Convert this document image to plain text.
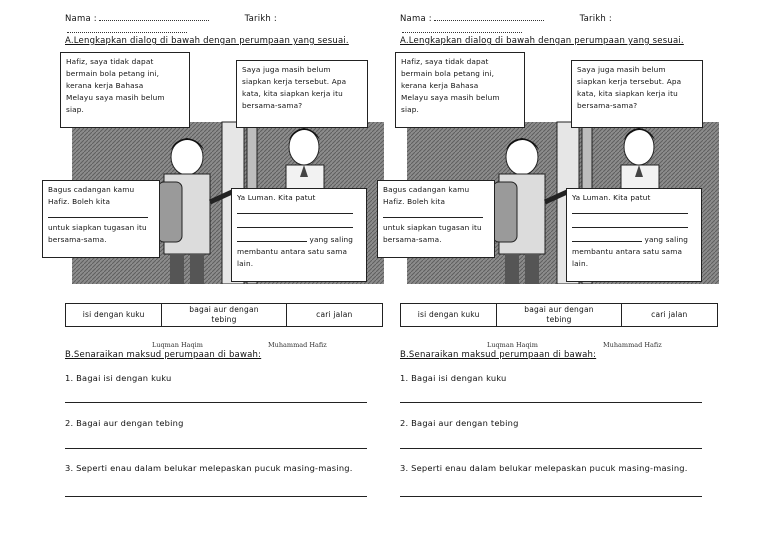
Nama :	Tarikh :
A.Lengkapkan dialog di bawah dengan perumpaan yang sesuai.
Luqman Haqim	Muhammad Hafiz
Hafiz, saya tidak dapat
bermain bola petang ini,
kerana kerja Bahasa
Melayu saya masih belum
siap.
Saya juga masih belum
siapkan kerja tersebut. Apa
kata, kita siapkan kerja itu
bersama-sama?
Bagus cadangan kamu
Hafiz. Boleh kita
untuk siapkan tugasan itu
bersama-sama.
Ya Luman. Kita patut
yang saling
membantu antara satu sama
lain.
isi dengan kuku
bagai aur dengan tebing
cari jalan
B.Senaraikan maksud perumpaan di bawah:
1. Bagai isi dengan kuku
2. Bagai aur dengan tebing
3. Seperti enau dalam belukar melepaskan pucuk masing-masing.
Nama :	Tarikh :
A.Lengkapkan dialog di bawah dengan perumpaan yang sesuai.
Luqman Haqim	Muhammad Hafiz
Hafiz, saya tidak dapat
bermain bola petang ini,
kerana kerja Bahasa
Melayu saya masih belum
siap.
Saya juga masih belum
siapkan kerja tersebut. Apa
kata, kita siapkan kerja itu
bersama-sama?
Bagus cadangan kamu
Hafiz. Boleh kita
untuk siapkan tugasan itu
bersama-sama.
Ya Luman. Kita patut
yang saling
membantu antara satu sama
lain.
isi dengan kuku
bagai aur dengan tebing
cari jalan
B.Senaraikan maksud perumpaan di bawah:
1. Bagai isi dengan kuku
2. Bagai aur dengan tebing
3. Seperti enau dalam belukar melepaskan pucuk masing-masing.
